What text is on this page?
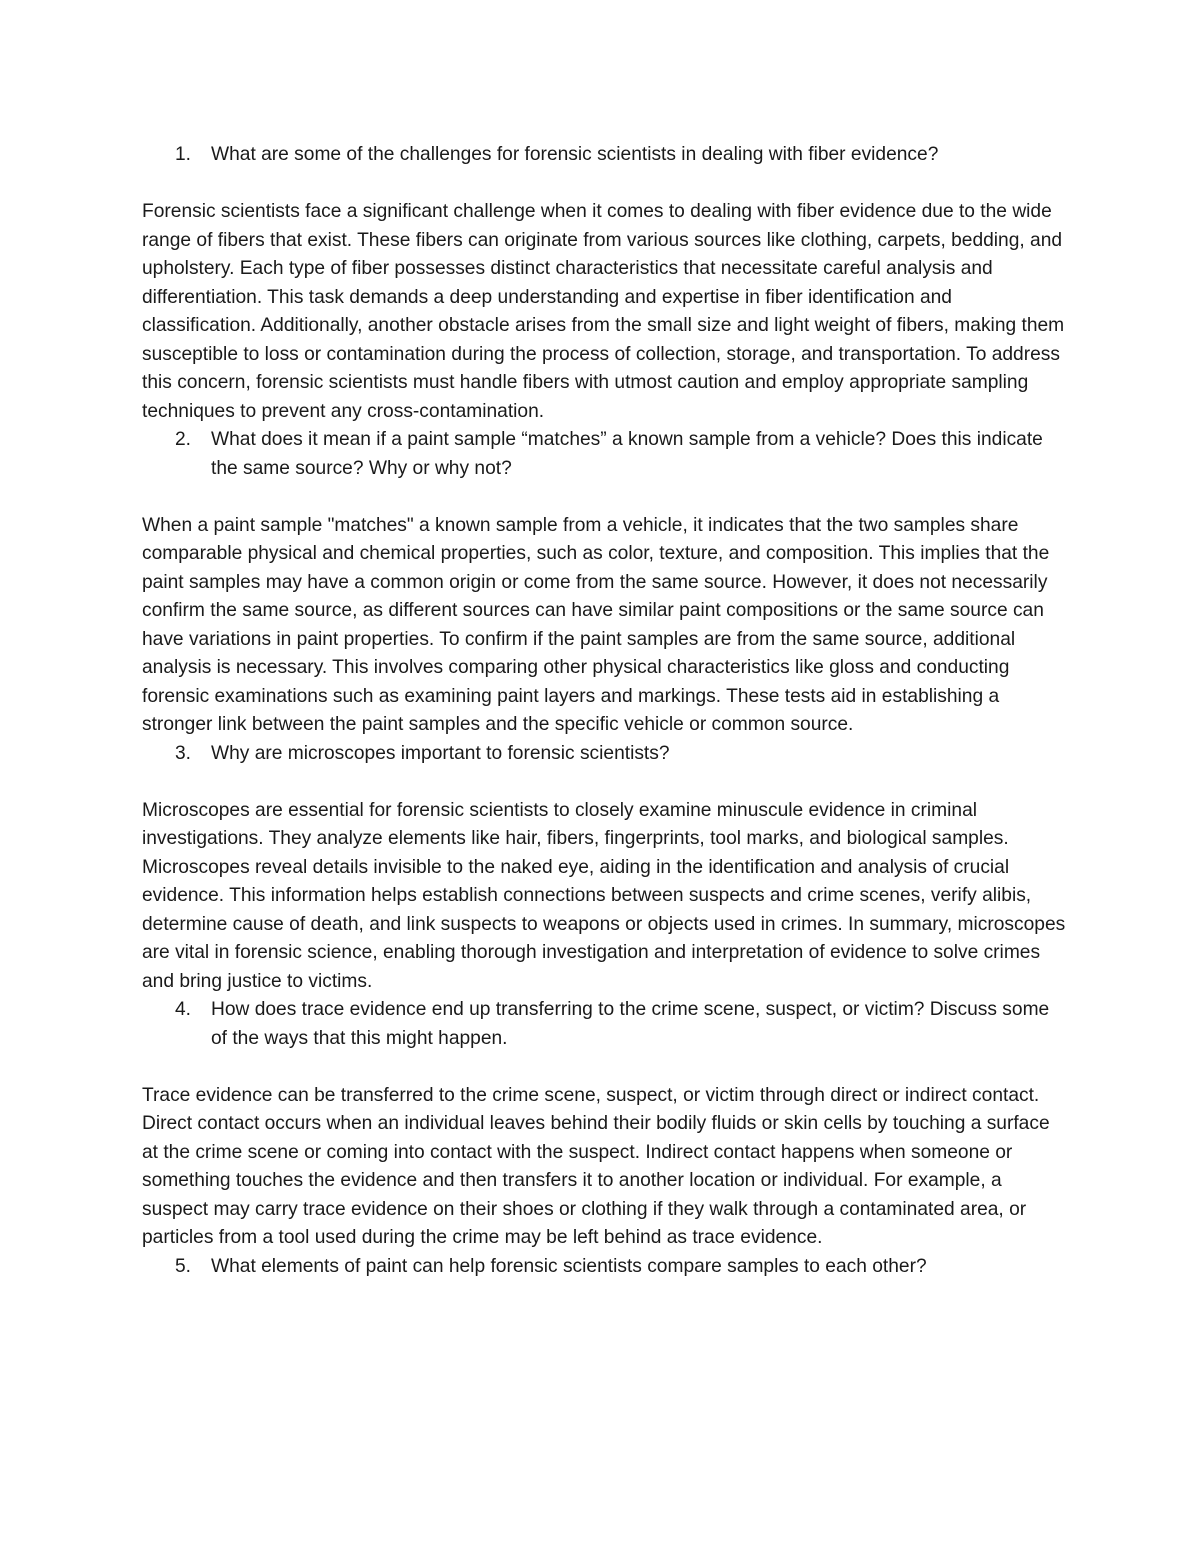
1. What are some of the challenges for forensic scientists in dealing with fiber evidence?

Forensic scientists face a significant challenge when it comes to dealing with fiber evidence due to the wide range of fibers that exist. These fibers can originate from various sources like clothing, carpets, bedding, and upholstery. Each type of fiber possesses distinct characteristics that necessitate careful analysis and differentiation. This task demands a deep understanding and expertise in fiber identification and classification. Additionally, another obstacle arises from the small size and light weight of fibers, making them susceptible to loss or contamination during the process of collection, storage, and transportation. To address this concern, forensic scientists must handle fibers with utmost caution and employ appropriate sampling techniques to prevent any cross-contamination.

2. What does it mean if a paint sample “matches” a known sample from a vehicle? Does this indicate the same source? Why or why not?

When a paint sample "matches" a known sample from a vehicle, it indicates that the two samples share comparable physical and chemical properties, such as color, texture, and composition. This implies that the paint samples may have a common origin or come from the same source. However, it does not necessarily confirm the same source, as different sources can have similar paint compositions or the same source can have variations in paint properties. To confirm if the paint samples are from the same source, additional analysis is necessary. This involves comparing other physical characteristics like gloss and conducting forensic examinations such as examining paint layers and markings. These tests aid in establishing a stronger link between the paint samples and the specific vehicle or common source.

3. Why are microscopes important to forensic scientists?

Microscopes are essential for forensic scientists to closely examine minuscule evidence in criminal investigations. They analyze elements like hair, fibers, fingerprints, tool marks, and biological samples. Microscopes reveal details invisible to the naked eye, aiding in the identification and analysis of crucial evidence. This information helps establish connections between suspects and crime scenes, verify alibis, determine cause of death, and link suspects to weapons or objects used in crimes. In summary, microscopes are vital in forensic science, enabling thorough investigation and interpretation of evidence to solve crimes and bring justice to victims.

4. How does trace evidence end up transferring to the crime scene, suspect, or victim? Discuss some of the ways that this might happen.

Trace evidence can be transferred to the crime scene, suspect, or victim through direct or indirect contact. Direct contact occurs when an individual leaves behind their bodily fluids or skin cells by touching a surface at the crime scene or coming into contact with the suspect. Indirect contact happens when someone or something touches the evidence and then transfers it to another location or individual. For example, a suspect may carry trace evidence on their shoes or clothing if they walk through a contaminated area, or particles from a tool used during the crime may be left behind as trace evidence.

5. What elements of paint can help forensic scientists compare samples to each other?
